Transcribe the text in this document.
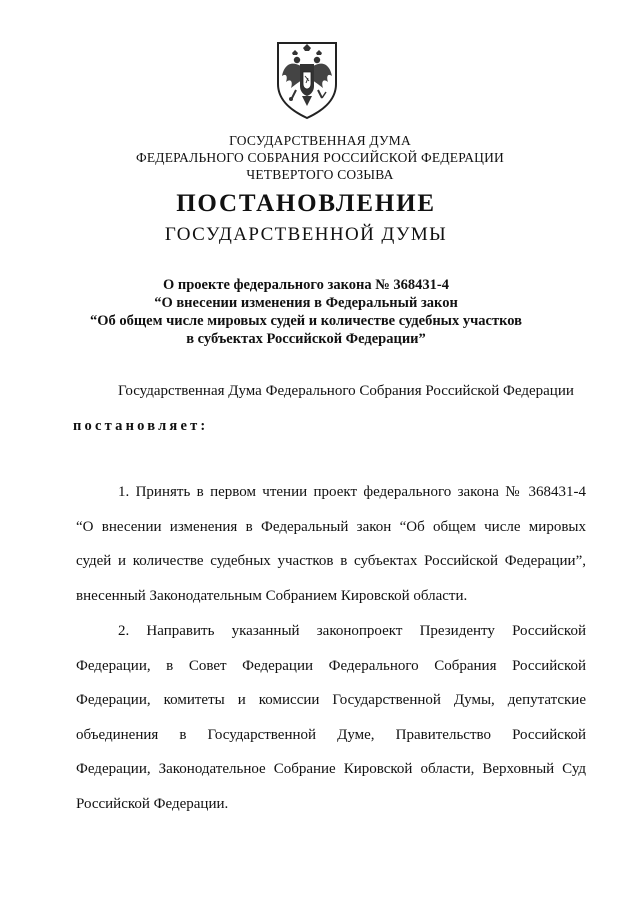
ГОСУДАРСТВЕННАЯ ДУМА
ФЕДЕРАЛЬНОГО СОБРАНИЯ РОССИЙСКОЙ ФЕДЕРАЦИИ
ЧЕТВЕРТОГО СОЗЫВА
ПОСТАНОВЛЕНИЕ
ГОСУДАРСТВЕННОЙ ДУМЫ
О проекте федерального закона № 368431-4
“О внесении изменения в Федеральный закон
“Об общем числе мировых судей и количестве судебных участков
в субъектах Российской Федерации”
Государственная Дума Федерального Собрания Российской Федерации
постановляет:
1. Принять в первом чтении проект федерального закона № 368431-4
“О внесении изменения в Федеральный закон “Об общем числе мировых
судей и количестве судебных участков в субъектах Российской Федерации”,
внесенный Законодательным Собранием Кировской области.
2. Направить указанный законопроект Президенту Российской
Федерации, в Совет Федерации Федерального Собрания Российской
Федерации, комитеты и комиссии Государственной Думы, депутатские
объединения в Государственной Думе, Правительство Российской
Федерации, Законодательное Собрание Кировской области, Верховный Суд
Российской Федерации.
